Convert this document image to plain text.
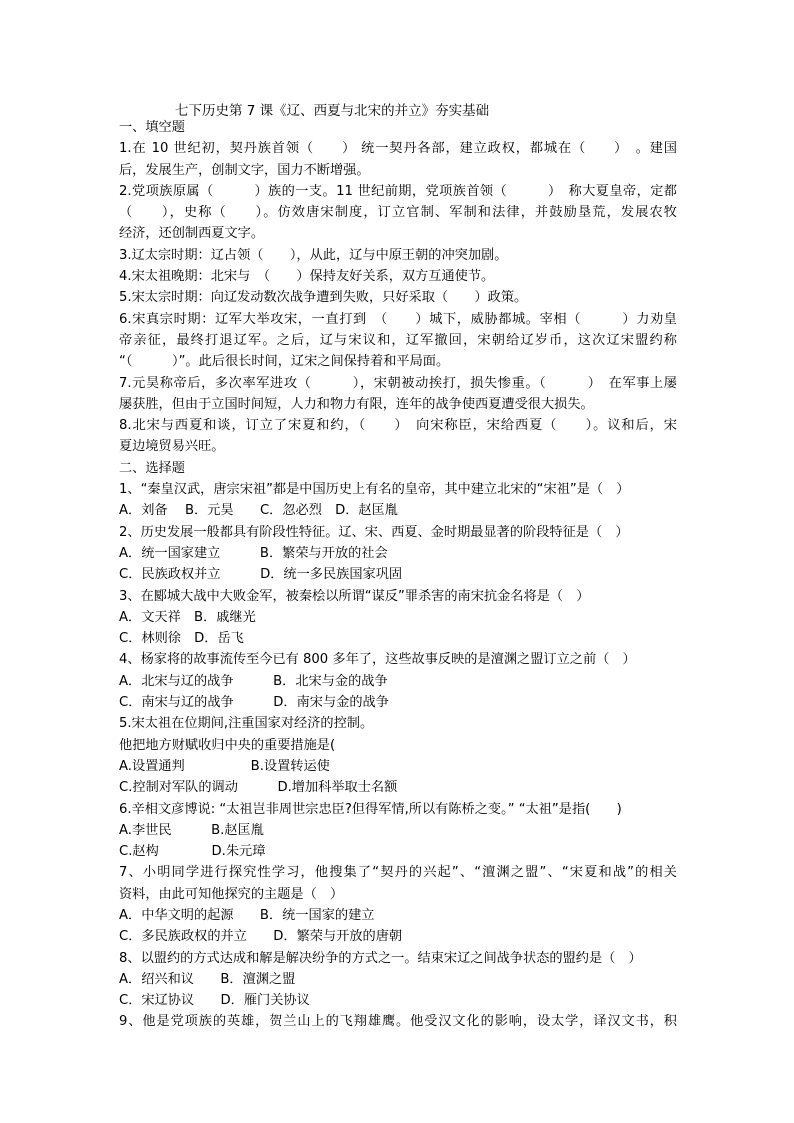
七下历史第 7 课《辽、西夏与北宋的并立》夯实基础
一、填空题
1.在 10 世纪初，契丹族首领（　　） 统一契丹各部，建立政权，都城在（　　）　。建国
后，发展生产，创制文字，国力不断增强。
2.党项族原属（　　　）族的一支。11 世纪前期，党项族首领（　　　）　称大夏皇帝，定都
（　　），史称（　　）。仿效唐宋制度，订立官制、军制和法律，并鼓励垦荒，发展农牧
经济，还创制西夏文字。
3.辽太宗时期：辽占领（　　），从此，辽与中原王朝的冲突加剧。
4.宋太祖晚期：北宋与　（　　）保持友好关系，双方互通使节。
5.宋太宗时期：向辽发动数次战争遭到失败，只好采取（　　）政策。
6.宋真宗时期：辽军大举攻宋，一直打到　（　　）城下，威胁都城。宰相（　　　）力劝皇
帝亲征，最终打退辽军。之后，辽与宋议和，辽军撤回，宋朝给辽岁币，这次辽宋盟约称
“（　　　）”。此后很长时间，辽宋之间保持着和平局面。
7.元昊称帝后，多次率军进攻（　　　），宋朝被动挨打，损失惨重。（　　　）　在军事上屡
屡获胜，但由于立国时间短，人力和物力有限，连年的战争使西夏遭受很大损失。
8.北宋与西夏和谈，订立了宋夏和约，（　　）　向宋称臣，宋给西夏（　　）。议和后，宋
夏边境贸易兴旺。
二、选择题
1、“秦皇汉武，唐宗宋祖”都是中国历史上有名的皇帝，其中建立北宋的“宋祖”是（　）
A．刘备　 B．元昊　　C．忽必烈　D．赵匡胤
2、历史发展一般都具有阶段性特征。辽、宋、西夏、金时期最显著的阶段特征是（　）
A．统一国家建立　　　B．繁荣与开放的社会
C．民族政权并立　　　D．统一多民族国家巩固
3、在郾城大战中大败金军，被秦桧以所谓“谋反”罪杀害的南宋抗金名将是（　）
A．文天祥　B．戚继光
C．林则徐　D．岳飞
4、杨家将的故事流传至今已有 800 多年了，这些故事反映的是澶渊之盟订立之前（　）
A．北宋与辽的战争　　　B．北宋与金的战争
C．南宋与辽的战争　　　D．南宋与金的战争
5.宋太祖在位期间,注重国家对经济的控制。
他把地方财赋收归中央的重要措施是(
A.设置通判　　　　　B.设置转运使
C.控制对军队的调动　　　D.增加科举取士名额
6.辛相文彦博说: “太祖岂非周世宗忠臣?但得军情,所以有陈桥之变。” “太祖”是指(　　)
A.李世民　　　B.赵匡胤
C.赵构　　　　D.朱元璋
7、小明同学进行探究性学习，他搜集了“契丹的兴起”、“澶渊之盟”、“宋夏和战”的相关
资料，由此可知他探究的主题是（　）
A．中华文明的起源　　B．统一国家的建立
C．多民族政权的并立　　D．繁荣与开放的唐朝
8、以盟约的方式达成和解是解决纷争的方式之一。结束宋辽之间战争状态的盟约是（　）
A．绍兴和议　　B．澶渊之盟
C．宋辽协议　　D．雁门关协议
9、他是党项族的英雄，贺兰山上的飞翔雄鹰。他受汉文化的影响，设太学，译汉文书，积
